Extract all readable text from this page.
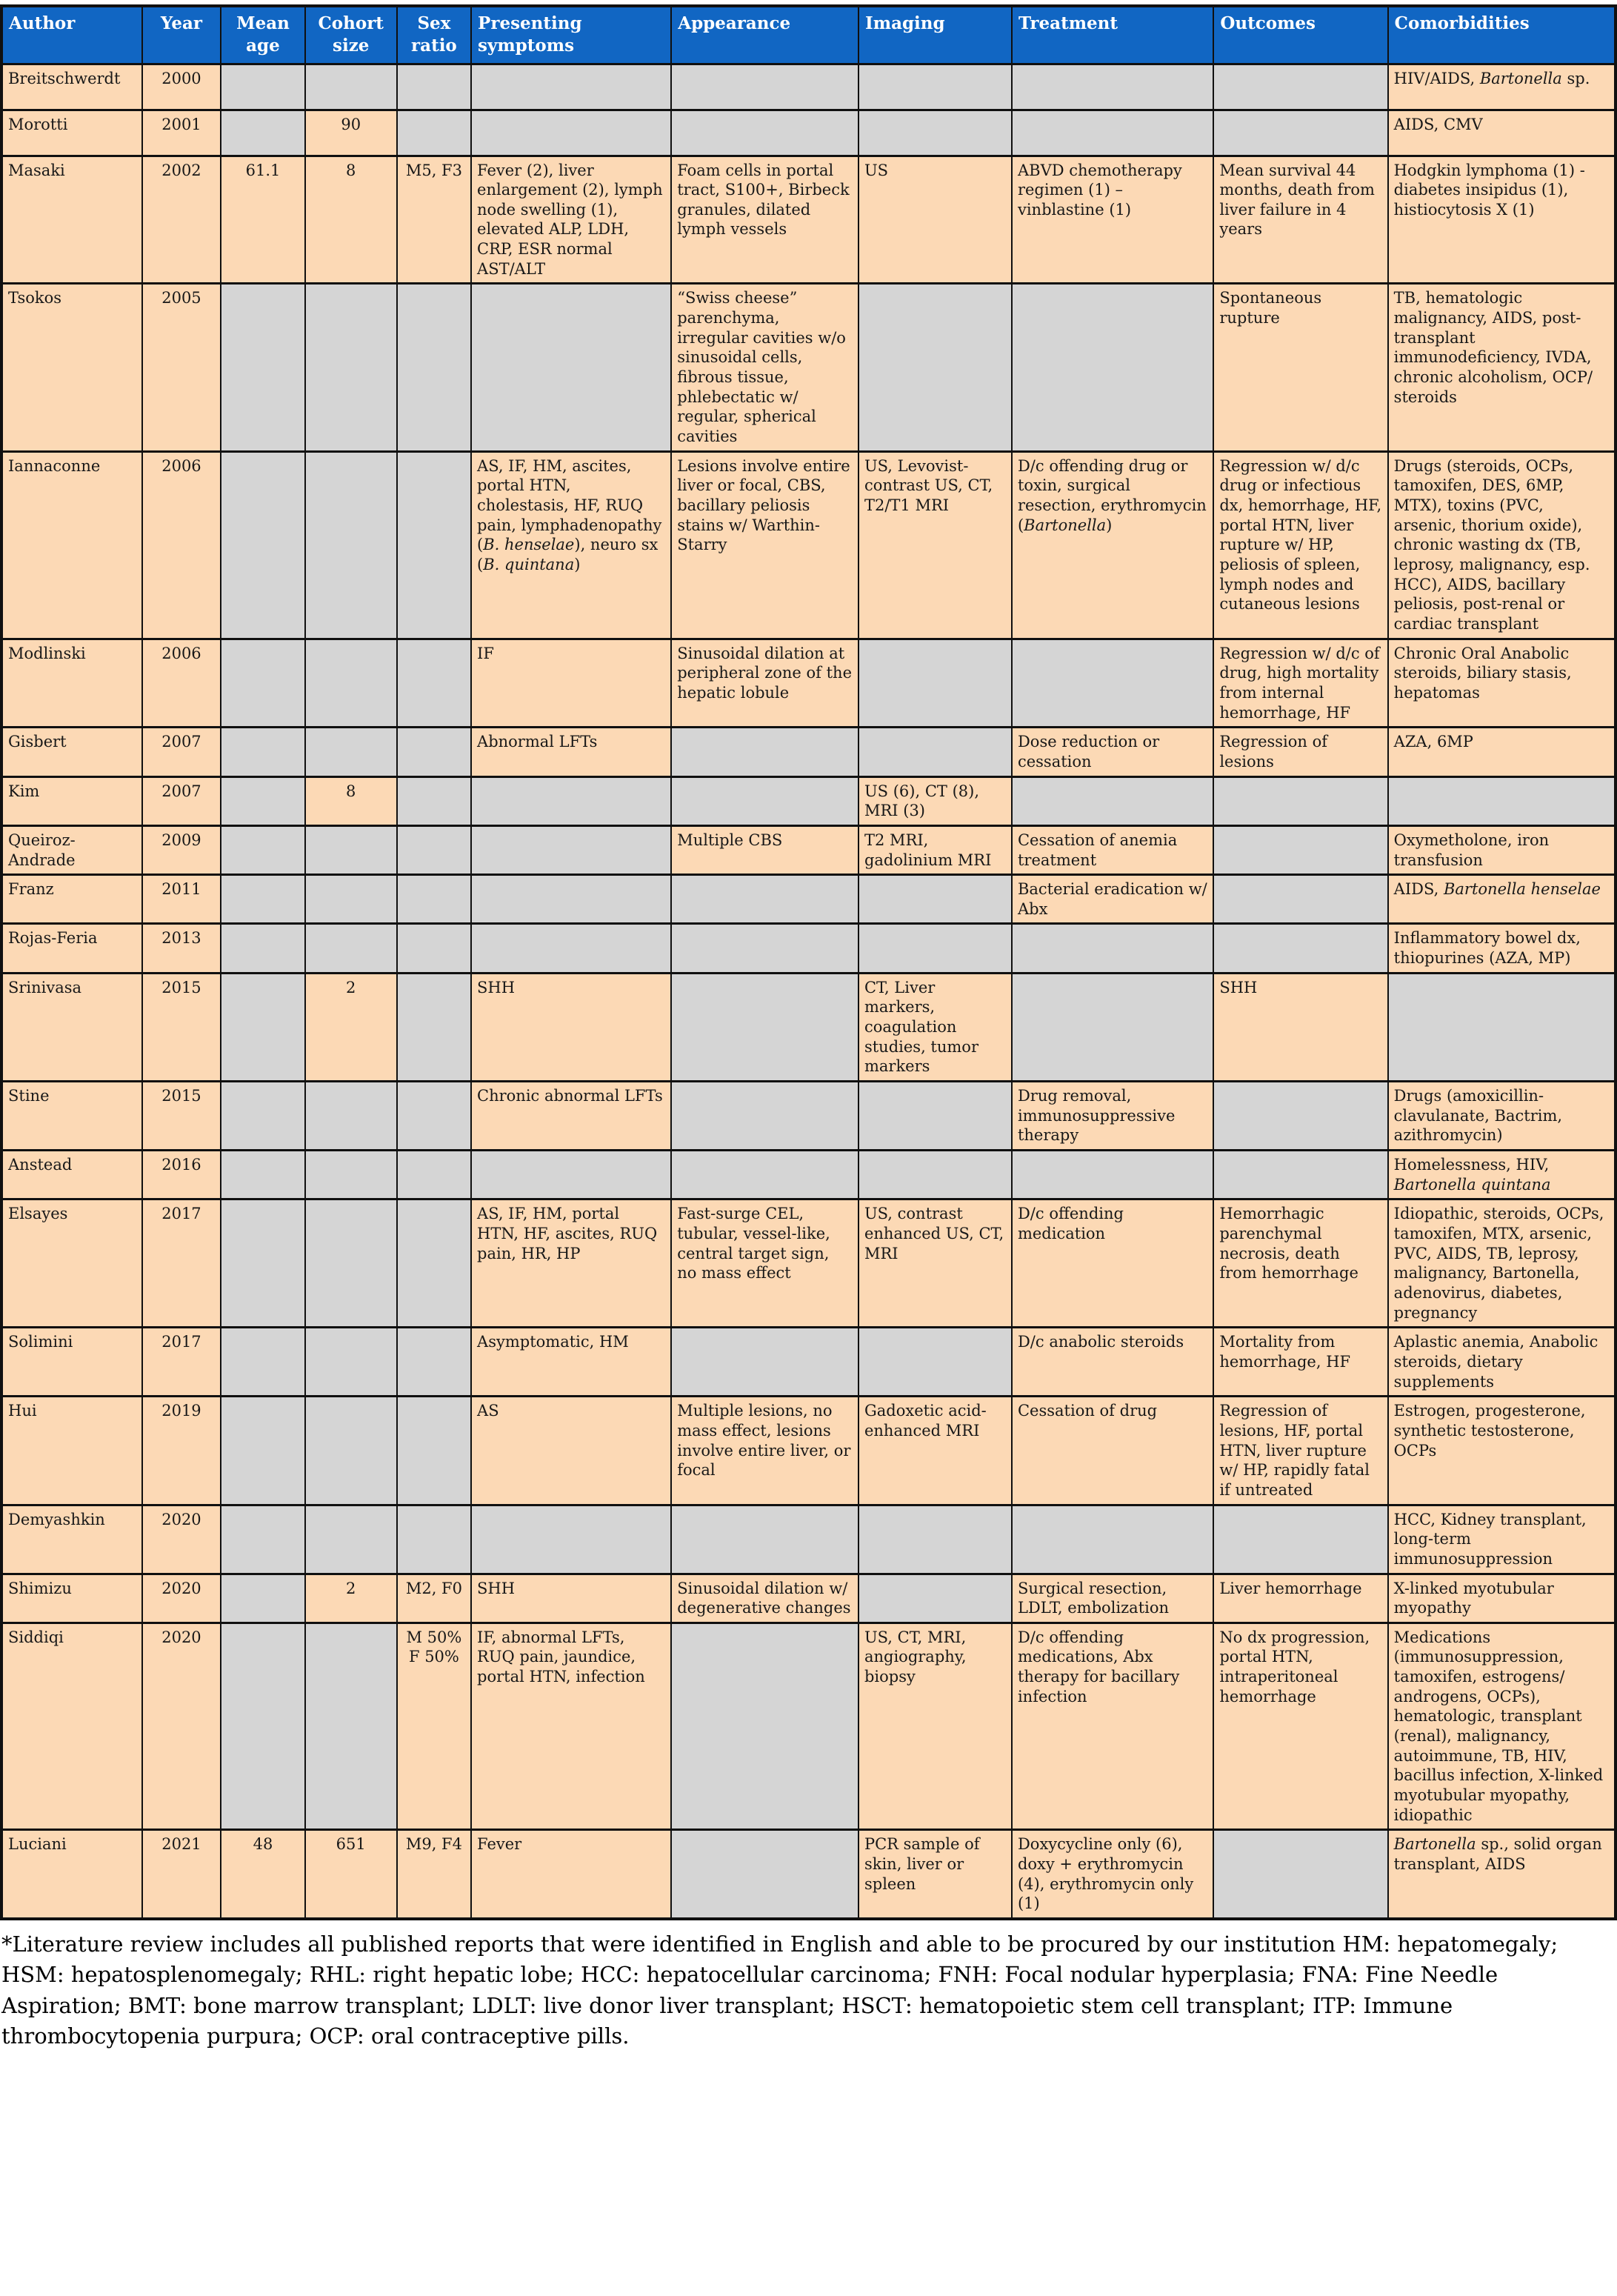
Author	Year	Mean age	Cohort size	Sex ratio	Presenting symptoms	Appearance	Imaging	Treatment	Outcomes	Comorbidities
Breitschwerdt	2000									HIV/AIDS, Bartonella sp.
Morotti	2001		90							AIDS, CMV
Masaki	2002	61.1	8	M5, F3	Fever (2), liver enlargement (2), lymph node swelling (1), elevated ALP, LDH, CRP, ESR normal AST/ALT	Foam cells in portal tract, S100+, Birbeck granules, dilated lymph vessels	US	ABVD chemotherapy regimen (1) – vinblastine (1)	Mean survival 44 months, death from liver failure in 4 years	Hodgkin lymphoma (1) - diabetes insipidus (1), histiocytosis X (1)
Tsokos	2005					“Swiss cheese” parenchyma, irregular cavities w/o sinusoidal cells, fibrous tissue, phlebectatic w/ regular, spherical cavities			Spontaneous rupture	TB, hematologic malignancy, AIDS, post-transplant immunodeficiency, IVDA, chronic alcoholism, OCP/ steroids
Iannaconne	2006				AS, IF, HM, ascites, portal HTN, cholestasis, HF, RUQ pain, lymphadenopathy (B. henselae), neuro sx (B. quintana)	Lesions involve entire liver or focal, CBS, bacillary peliosis stains w/ Warthin-Starry	US, Levovist-contrast US, CT, T2/T1 MRI	D/c offending drug or toxin, surgical resection, erythromycin (Bartonella)	Regression w/ d/c drug or infectious dx, hemorrhage, HF, portal HTN, liver rupture w/ HP, peliosis of spleen, lymph nodes and cutaneous lesions	Drugs (steroids, OCPs, tamoxifen, DES, 6MP, MTX), toxins (PVC, arsenic, thorium oxide), chronic wasting dx (TB, leprosy, malignancy, esp. HCC), AIDS, bacillary peliosis, post-renal or cardiac transplant
Modlinski	2006				IF	Sinusoidal dilation at peripheral zone of the hepatic lobule			Regression w/ d/c of drug, high mortality from internal hemorrhage, HF	Chronic Oral Anabolic steroids, biliary stasis, hepatomas
Gisbert	2007				Abnormal LFTs			Dose reduction or cessation	Regression of lesions	AZA, 6MP
Kim	2007		8				US (6), CT (8), MRI (3)			
Queiroz-Andrade	2009					Multiple CBS	T2 MRI, gadolinium MRI	Cessation of anemia treatment		Oxymetholone, iron transfusion
Franz	2011							Bacterial eradication w/ Abx		AIDS, Bartonella henselae
Rojas-Feria	2013									Inflammatory bowel dx, thiopurines (AZA, MP)
Srinivasa	2015		2		SHH		CT, Liver markers, coagulation studies, tumor markers		SHH	
Stine	2015				Chronic abnormal LFTs			Drug removal, immunosuppressive therapy		Drugs (amoxicillin-clavulanate, Bactrim, azithromycin)
Anstead	2016									Homelessness, HIV, Bartonella quintana
Elsayes	2017				AS, IF, HM, portal HTN, HF, ascites, RUQ pain, HR, HP	Fast-surge CEL, tubular, vessel-like, central target sign, no mass effect	US, contrast enhanced US, CT, MRI	D/c offending medication	Hemorrhagic parenchymal necrosis, death from hemorrhage	Idiopathic, steroids, OCPs, tamoxifen, MTX, arsenic, PVC, AIDS, TB, leprosy, malignancy, Bartonella, adenovirus, diabetes, pregnancy
Solimini	2017				Asymptomatic, HM			D/c anabolic steroids	Mortality from hemorrhage, HF	Aplastic anemia, Anabolic steroids, dietary supplements
Hui	2019				AS	Multiple lesions, no mass effect, lesions involve entire liver, or focal	Gadoxetic acid-enhanced MRI	Cessation of drug	Regression of lesions, HF, portal HTN, liver rupture w/ HP, rapidly fatal if untreated	Estrogen, progesterone, synthetic testosterone, OCPs
Demyashkin	2020									HCC, Kidney transplant, long-term immunosuppression
Shimizu	2020		2	M2, F0	SHH	Sinusoidal dilation w/ degenerative changes		Surgical resection, LDLT, embolization	Liver hemorrhage	X-linked myotubular myopathy
Siddiqi	2020			M 50% F 50%	IF, abnormal LFTs, RUQ pain, jaundice, portal HTN, infection		US, CT, MRI, angiography, biopsy	D/c offending medications, Abx therapy for bacillary infection	No dx progression, portal HTN, intraperitoneal hemorrhage	Medications (immunosuppression, tamoxifen, estrogens/ androgens, OCPs), hematologic, transplant (renal), malignancy, autoimmune, TB, HIV, bacillus infection, X-linked myotubular myopathy, idiopathic
Luciani	2021	48	651	M9, F4	Fever		PCR sample of skin, liver or spleen	Doxycycline only (6), doxy + erythromycin (4), erythromycin only (1)		Bartonella sp., solid organ transplant, AIDS

*Literature review includes all published reports that were identified in English and able to be procured by our institution HM: hepatomegaly; HSM: hepatosplenomegaly; RHL: right hepatic lobe; HCC: hepatocellular carcinoma; FNH: Focal nodular hyperplasia; FNA: Fine Needle Aspiration; BMT: bone marrow transplant; LDLT: live donor liver transplant; HSCT: hematopoietic stem cell transplant; ITP: Immune thrombocytopenia purpura; OCP: oral contraceptive pills.
